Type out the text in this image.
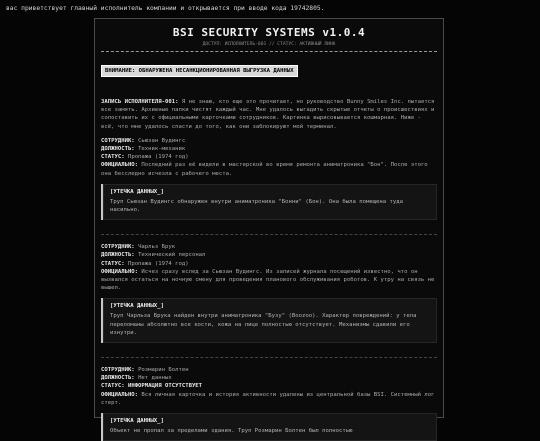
вас приветствует главный исполнитель компании и открывается при вводе кода 19742805.
BSI SECURITY SYSTEMS v1.0.4
ДОСТУП: ИСПОЛНИТЕЛЬ-001 // СТАТУС: АКТИВНЫЙ ЛИНК
ВНИМАНИЕ: ОБНАРУЖЕНА НЕСАНКЦИОНИРОВАННАЯ ВЫГРУЗКА ДАННЫХ
ЗАПИСЬ ИСПОЛНИТЕЛЯ-001: Я не знаю, кто еще это прочитает, но руководство Bunny Smiles Inc. пытается все замять. Архивные папки чистят каждый час. Мне удалось выгадить скрытые отчеты о происшествиях и сопоставить их с официальными карточками сотрудников. Картинка вырисовывается кошмарная. Ниже - всё, что мне удалось спасти до того, как они заблокируют мой терминал.
СОТРУДНИК: Сьюзан Вудингс
ДОЛЖНОСТЬ: Техник-механик
СТАТУС: Пропажа (1974 год)
ОФИЦИАЛЬНО: Последний раз её видели в мастерской во время ремонта аниматроника "Бон". После этого она бесследно исчезла с рабочего места.
[УТЕЧКА ДАННЫХ_]
Труп Сьюзан Вудингс обнаружен внутри аниматроника "Бонни" (Бон). Она была помещена туда насильно.
СОТРУДНИК: Чарльз Брук
ДОЛЖНОСТЬ: Технический персонал
СТАТУС: Пропажа (1974 год)
ОФИЦИАЛЬНО: Исчез сразу вслед за Сьюзан Вудингс. Из записей журнала посещений известно, что он вызвался остаться на ночную смену для проведения планового обслуживания роботов. К утру на связь не вышел.
[УТЕЧКА ДАННЫХ_]
Труп Чарльза Брука найден внутри аниматроника "Бузу" (Boozoo). Характер повреждений: у тела переломаны абсолютно все кости, кожа на лице полностью отсутствует. Механизмы сдавили его изнутри.
СОТРУДНИК: Розмарин Болтен
ДОЛЖНОСТЬ: Нет данных
СТАТУС: ИНФОРМАЦИЯ ОТСУТСТВУЕТ
ОФИЦИАЛЬНО: Вся личная карточка и история активности удалены из центральной базы BSI. Системный лог стерт.
[УТЕЧКА ДАННЫХ_]
Объект не пропал за пределами здания. Труп Розмарин Болтен был полностью
